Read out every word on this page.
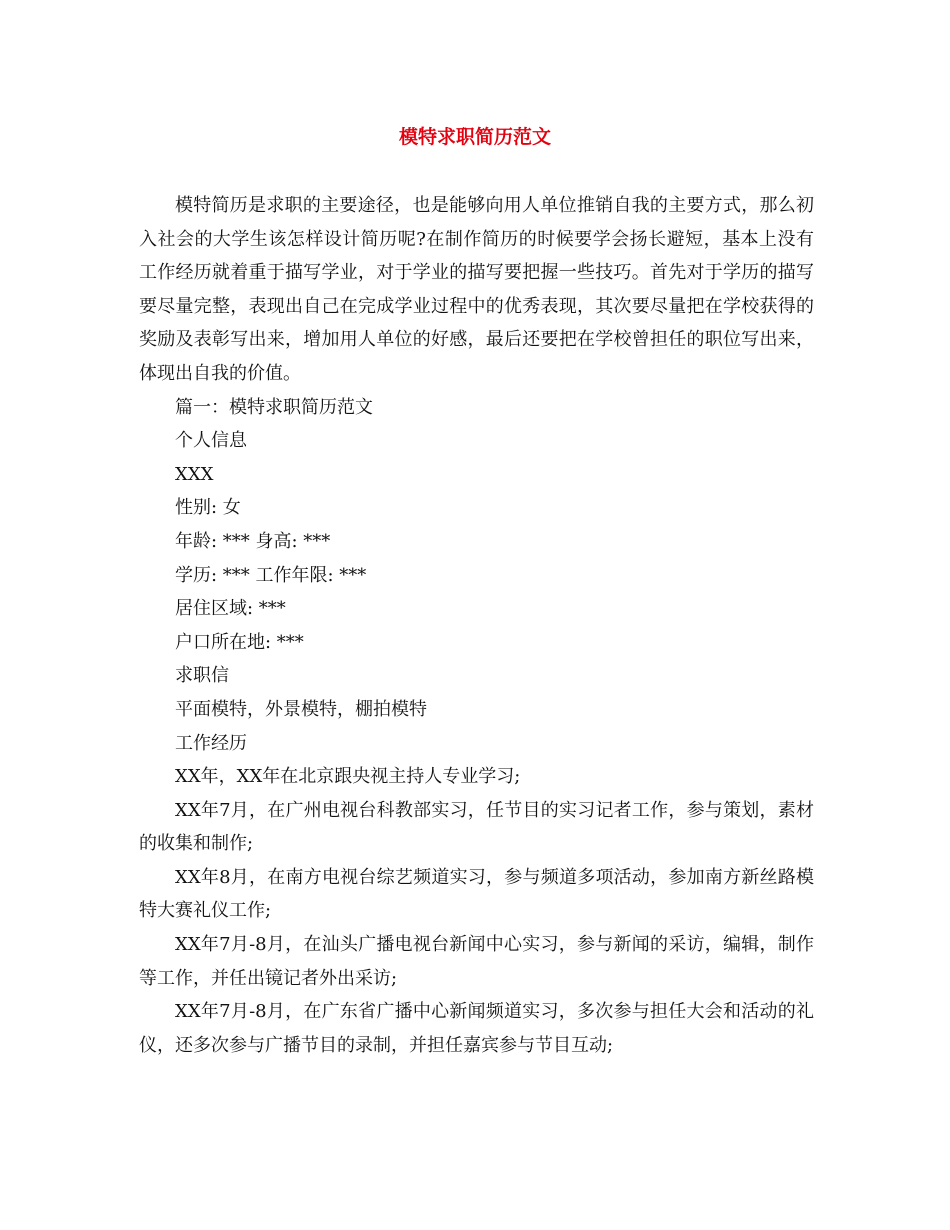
模特求职简历范文

模特简历是求职的主要途径，也是能够向用人单位推销自我的主要方式，那么初入社会的大学生该怎样设计简历呢?在制作简历的时候要学会扬长避短，基本上没有工作经历就着重于描写学业，对于学业的描写要把握一些技巧。首先对于学历的描写要尽量完整，表现出自己在完成学业过程中的优秀表现，其次要尽量把在学校获得的奖励及表彰写出来，增加用人单位的好感，最后还要把在学校曾担任的职位写出来，体现出自我的价值。

篇一：模特求职简历范文

个人信息

XXX

性别: 女

年龄: *** 身高: ***

学历: *** 工作年限: ***

居住区域: ***

户口所在地: ***

求职信

平面模特，外景模特，棚拍模特

工作经历

XX年，XX年在北京跟央视主持人专业学习;

XX年7月，在广州电视台科教部实习，任节目的实习记者工作，参与策划，素材的收集和制作;

XX年8月，在南方电视台综艺频道实习，参与频道多项活动，参加南方新丝路模特大赛礼仪工作;

XX年7月-8月，在汕头广播电视台新闻中心实习，参与新闻的采访，编辑，制作等工作，并任出镜记者外出采访;

XX年7月-8月，在广东省广播中心新闻频道实习，多次参与担任大会和活动的礼仪，还多次参与广播节目的录制，并担任嘉宾参与节目互动;
